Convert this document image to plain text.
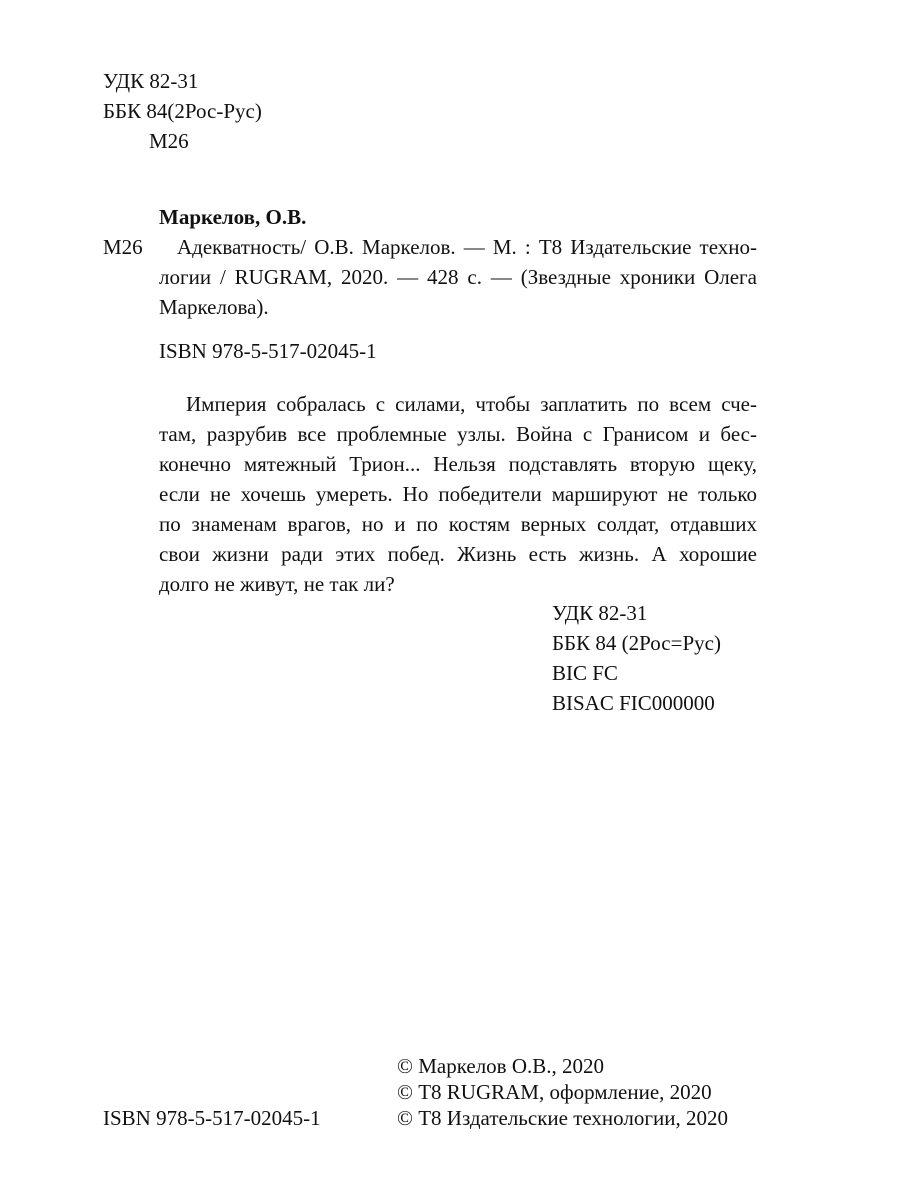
УДК 82-31
ББК 84(2Рос-Рус)
М26
Маркелов, О.В.
М26	Адекватность/ О.В. Маркелов. — М. : Т8 Издательские техно-
логии / RUGRAM, 2020. — 428 с. — (Звездные хроники Олега
Маркелова).
ISBN 978-5-517-02045-1
Империя собралась с силами, чтобы заплатить по всем сче-
там, разрубив все проблемные узлы. Война с Гранисом и бес-
конечно мятежный Трион... Нельзя подставлять вторую щеку,
если не хочешь умереть. Но победители маршируют не только
по знаменам врагов, но и по костям верных солдат, отдавших
свои жизни ради этих побед. Жизнь есть жизнь. А хорошие
долго не живут, не так ли?
УДК 82-31
ББК 84 (2Рос=Рус)
BIC FC
BISAC FIC000000
© Маркелов О.В., 2020
© Т8 RUGRAM, оформление, 2020
© Т8 Издательские технологии, 2020
ISBN 978-5-517-02045-1
